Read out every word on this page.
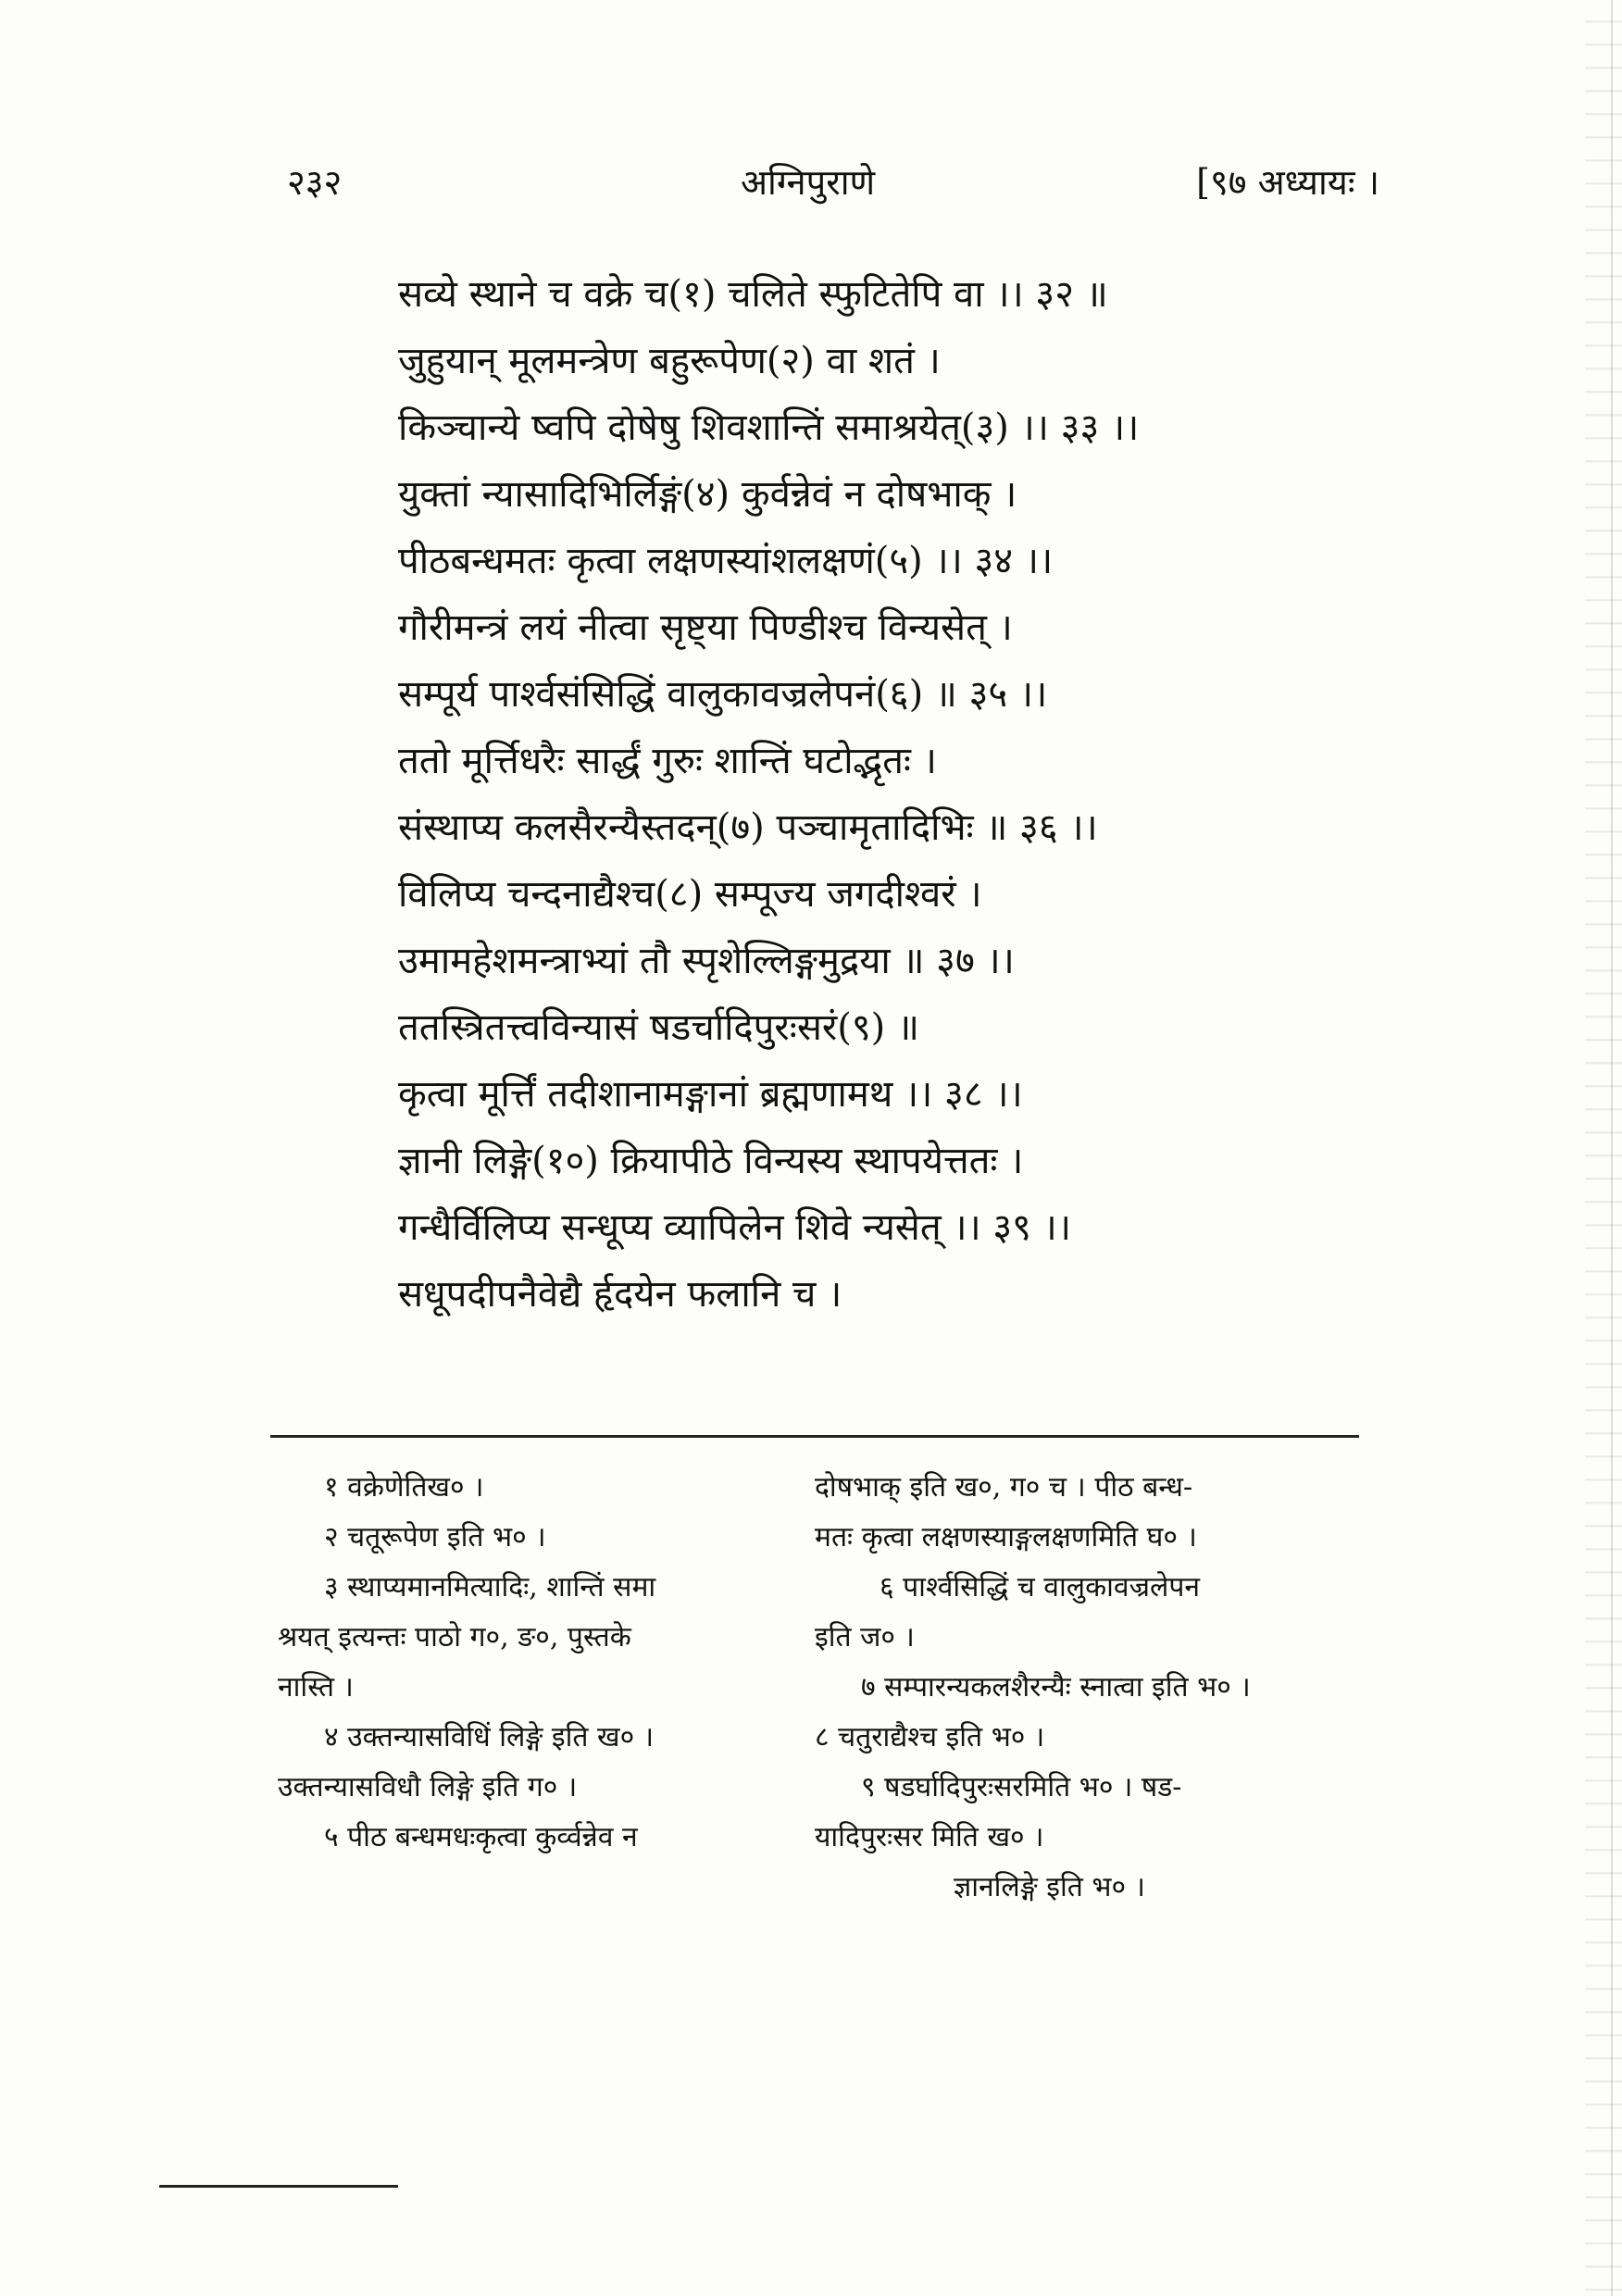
२३२	अग्निपुराणे	[९७ अध्यायः ।
सव्ये स्थाने च वक्रे च(१) चलिते स्फुटितेपि वा ।। ३२ ॥
जुहुयान् मूलमन्त्रेण बहुरूपेण(२) वा शतं ।
किञ्चान्ये ष्वपि दोषेषु शिवशान्तिं समाश्रयेत्(३) ।। ३३ ।।
युक्तां न्यासादिभिर्लिङ्गं(४) कुर्वन्नेवं न दोषभाक् ।
पीठबन्धमतः कृत्वा लक्षणस्यांशलक्षणं(५) ।। ३४ ।।
गौरीमन्त्रं लयं नीत्वा सृष्ट्या पिण्डीश्च विन्यसेत् ।
सम्पूर्य पार्श्वसंसिद्धिं वालुकावज्रलेपनं(६) ॥ ३५ ।।
ततो मूर्त्तिधरैः सार्द्धं गुरुः शान्तिं घटोद्भृतः ।
संस्थाप्य कलसैरन्यैस्तदन्(७) पञ्चामृतादिभिः ॥ ३६ ।।
विलिप्य चन्दनाद्यैश्च(८) सम्पूज्य जगदीश्वरं ।
उमामहेशमन्त्राभ्यां तौ स्पृशेल्लिङ्गमुद्रया ॥ ३७ ।।
ततस्त्रितत्त्वविन्यासं षडर्चादिपुरःसरं(९) ॥
कृत्वा मूर्त्तिं तदीशानामङ्गानां ब्रह्मणामथ ।। ३८ ।।
ज्ञानी लिङ्गे(१०) क्रियापीठे विन्यस्य स्थापयेत्ततः ।
गन्धैर्विलिप्य सन्धूप्य व्यापिलेन शिवे न्यसेत् ।। ३९ ।।
सधूपदीपनैवेद्यै र्हृदयेन फलानि च ।
१ वक्रेणेतिख० ।
२ चतूरूपेण इति भ० ।
३ स्थाप्यमानमित्यादिः, शान्तिं समा
श्रयत् इत्यन्तः पाठो ग०, ङ०, पुस्तके
नास्ति ।
४ उक्तन्यासविधिं लिङ्गे इति ख० ।
उक्तन्यासविधौ लिङ्गे इति ग० ।
५ पीठ बन्धमधःकृत्वा कुर्व्वन्नेव न
दोषभाक् इति ख०, ग० च । पीठ बन्ध-
मतः कृत्वा लक्षणस्याङ्गलक्षणमिति घ० ।
६ पार्श्वसिद्धिं च वालुकावज्रलेपन
इति ज० ।
७ सम्पारन्यकलशैरन्यैः स्नात्वा इति भ० ।
८ चतुराद्यैश्च इति भ० ।
९ षडर्घादिपुरःसरमिति भ० । षड-
यादिपुरःसर मिति ख० ।
ज्ञानलिङ्गे इति भ० ।
